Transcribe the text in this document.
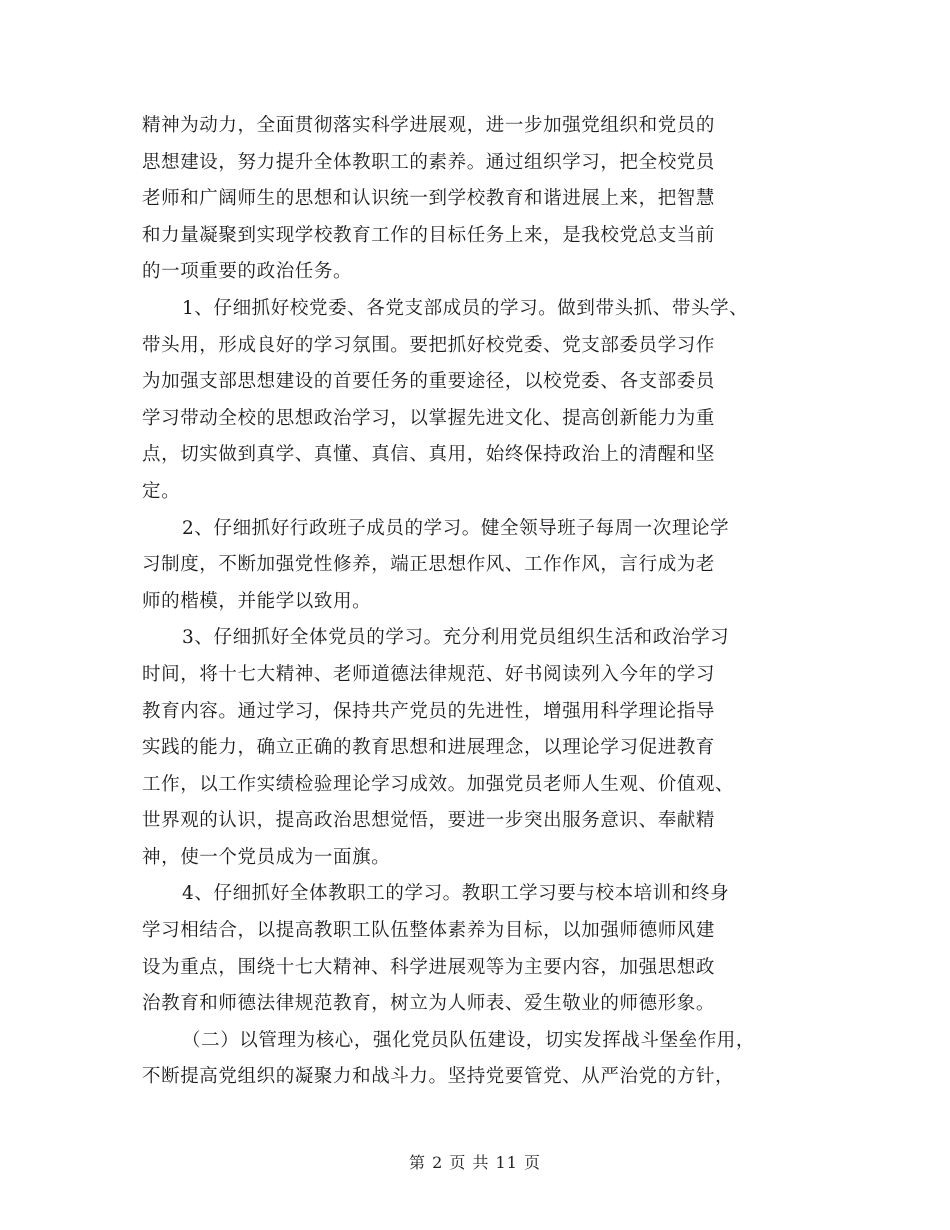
精神为动力，全面贯彻落实科学进展观，进一步加强党组织和党员的
思想建设，努力提升全体教职工的素养。通过组织学习，把全校党员
老师和广阔师生的思想和认识统一到学校教育和谐进展上来，把智慧
和力量凝聚到实现学校教育工作的目标任务上来，是我校党总支当前
的一项重要的政治任务。
1、仔细抓好校党委、各党支部成员的学习。做到带头抓、带头学、
带头用，形成良好的学习氛围。要把抓好校党委、党支部委员学习作
为加强支部思想建设的首要任务的重要途径，以校党委、各支部委员
学习带动全校的思想政治学习，以掌握先进文化、提高创新能力为重
点，切实做到真学、真懂、真信、真用，始终保持政治上的清醒和坚
定。
2、仔细抓好行政班子成员的学习。健全领导班子每周一次理论学
习制度，不断加强党性修养，端正思想作风、工作作风，言行成为老
师的楷模，并能学以致用。
3、仔细抓好全体党员的学习。充分利用党员组织生活和政治学习
时间，将十七大精神、老师道德法律规范、好书阅读列入今年的学习
教育内容。通过学习，保持共产党员的先进性，增强用科学理论指导
实践的能力，确立正确的教育思想和进展理念，以理论学习促进教育
工作，以工作实绩检验理论学习成效。加强党员老师人生观、价值观、
世界观的认识，提高政治思想觉悟，要进一步突出服务意识、奉献精
神，使一个党员成为一面旗。
4、仔细抓好全体教职工的学习。教职工学习要与校本培训和终身
学习相结合，以提高教职工队伍整体素养为目标，以加强师德师风建
设为重点，围绕十七大精神、科学进展观等为主要内容，加强思想政
治教育和师德法律规范教育，树立为人师表、爱生敬业的师德形象。
（二）以管理为核心，强化党员队伍建设，切实发挥战斗堡垒作用，
不断提高党组织的凝聚力和战斗力。坚持党要管党、从严治党的方针，
第 2 页 共 11 页
